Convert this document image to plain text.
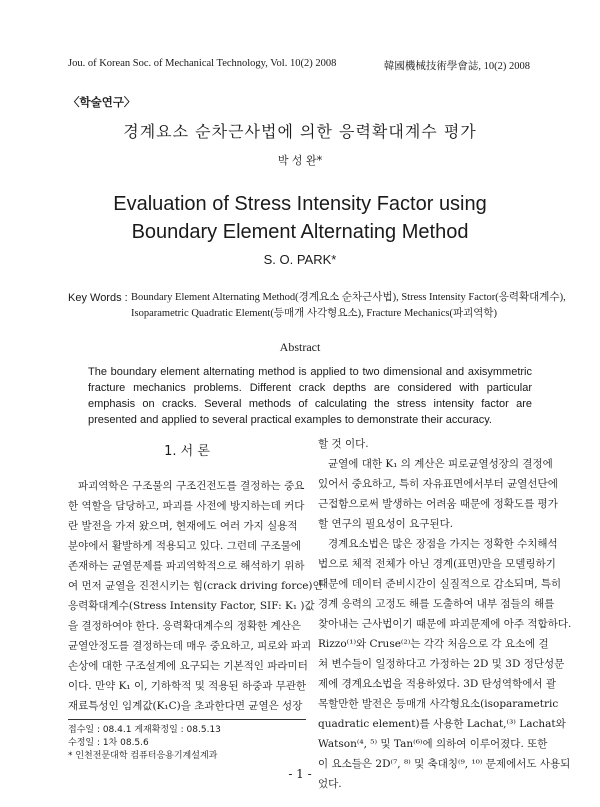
Jou. of Korean Soc. of Mechanical Technology, Vol. 10(2) 2008	韓國機械技術學會誌, 10(2) 2008
〈학술연구〉
경계요소 순차근사법에 의한 응력확대계수 평가
박 성 완*
Evaluation of Stress Intensity Factor using
Boundary Element Alternating Method
S. O. PARK*
Key Words : Boundary Element Alternating Method(경계요소 순차근사법), Stress Intensity Factor(응력확대계수),
Isoparametric Quadratic Element(등매개 사각형요소), Fracture Mechanics(파괴역학)
Abstract
The boundary element alternating method is applied to two dimensional and axisymmetric fracture mechanics problems. Different crack depths are considered with particular emphasis on cracks. Several methods of calculating the stress intensity factor are presented and applied to several practical examples to demonstrate their accuracy.
1. 서 론
파괴역학은 구조물의 구조건전도를 결정하는 중요
한 역할을 담당하고, 파괴를 사전에 방지하는데 커다
란 발전을 가져 왔으며, 현재에도 여러 가지 실용적
분야에서 활발하게 적용되고 있다. 그런데 구조물에
존재하는 균열문제를 파괴역학적으로 해석하기 위하
여 먼저 균열을 진전시키는 힘(crack driving force)인
응력확대계수(Stress Intensity Factor, SIF: K₁ )값
을 결정하여야 한다. 응력확대계수의 정확한 계산은
균열안정도를 결정하는데 매우 중요하고, 피로와 파괴
손상에 대한 구조설계에 요구되는 기본적인 파라미터
이다. 만약 K₁ 이, 기하학적 및 적용된 하중과 무관한
재료특성인 임계값(K₁C)을 초과한다면 균열은 성장
할 것 이다.
균열에 대한 K₁ 의 계산은 피로균열성장의 결정에
있어서 중요하고, 특히 자유표면에서부터 균열선단에
근접함으로써 발생하는 어려움 때문에 정확도를 평가
할 연구의 필요성이 요구된다.
경계요소법은 많은 장점을 가지는 정확한 수치해석
법으로 체적 전체가 아닌 경계(표면)만을 모델링하기
때문에 데이터 준비시간이 실질적으로 감소되며, 특히
경계 응력의 고정도 해를 도출하여 내부 점들의 해를
찾아내는 근사법이기 때문에 파괴문제에 아주 적합하다.
Rizzo⁽¹⁾와 Cruse⁽²⁾는 각각 처음으로 각 요소에 걸
쳐 변수들이 일정하다고 가정하는 2D 및 3D 정단성문
제에 경계요소법을 적용하였다. 3D 탄성역학에서 괄
목할만한 발전은 등매개 사각형요소(isoparametric
quadratic element)를 사용한 Lachat,⁽³⁾ Lachat와
Watson⁽⁴, ⁵⁾ 및 Tan⁽⁶⁾에 의하여 이루어졌다. 또한
이 요소들은 2D⁽⁷, ⁸⁾ 및 축대칭⁽⁹, ¹⁰⁾ 문제에서도 사용되
었다.
접수일 : 08.4.1 게재확정일 : 08.5.13
수정일 : 1차 08.5.6
* 인천전문대학 컴퓨터응용기계설계과
- 1 -
